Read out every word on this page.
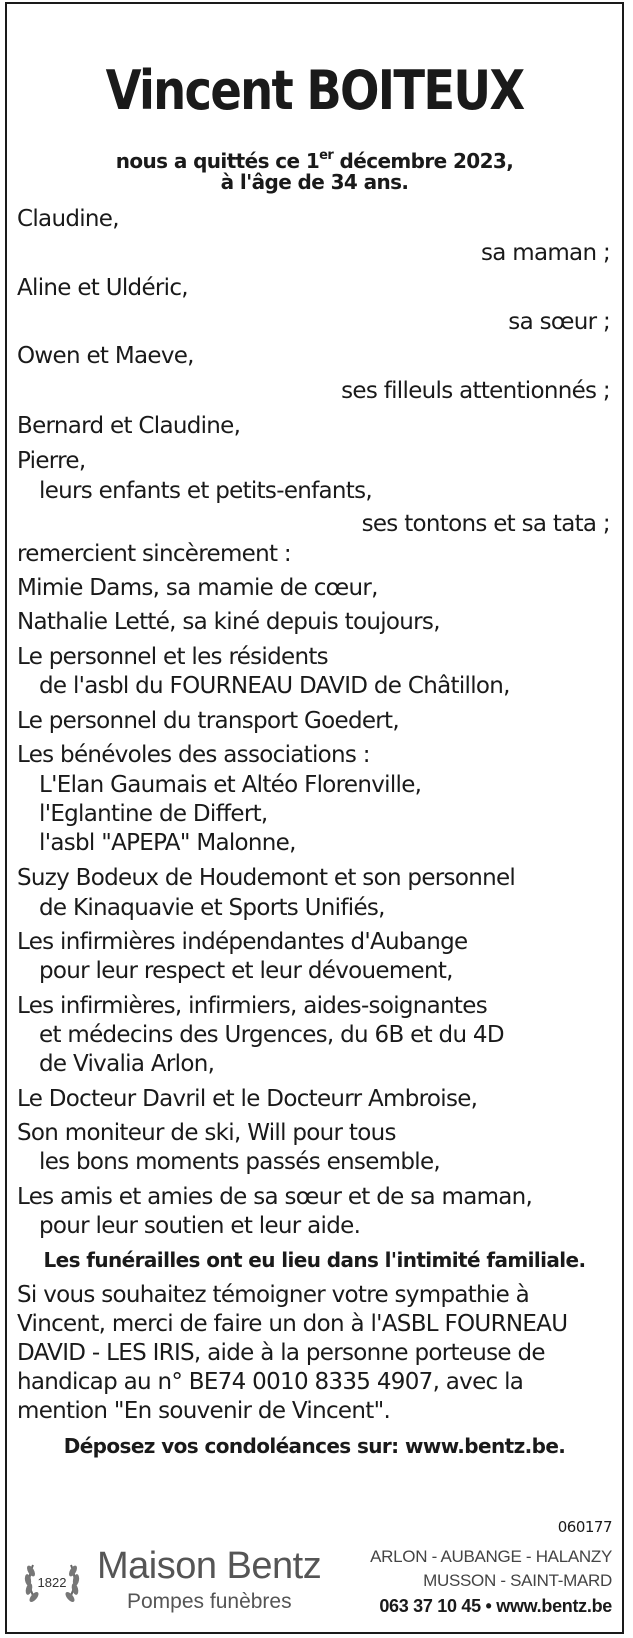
Vincent BOITEUX
nous a quittés ce 1er décembre 2023,
à l'âge de 34 ans.
Claudine,
sa maman ;
Aline et Uldéric,
sa sœur ;
Owen et Maeve,
ses filleuls attentionnés ;
Bernard et Claudine,
Pierre,
leurs enfants et petits-enfants,
ses tontons et sa tata ;
remercient sincèrement :
Mimie Dams, sa mamie de cœur,
Nathalie Letté, sa kiné depuis toujours,
Le personnel et les résidents
de l'asbl du FOURNEAU DAVID de Châtillon,
Le personnel du transport Goedert,
Les bénévoles des associations :
L'Elan Gaumais et Altéo Florenville,
l'Eglantine de Differt,
l'asbl "APEPA" Malonne,
Suzy Bodeux de Houdemont et son personnel
de Kinaquavie et Sports Unifiés,
Les infirmières indépendantes d'Aubange
pour leur respect et leur dévouement,
Les infirmières, infirmiers, aides-soignantes
et médecins des Urgences, du 6B et du 4D
de Vivalia Arlon,
Le Docteur Davril et le Docteurr Ambroise,
Son moniteur de ski, Will pour tous
les bons moments passés ensemble,
Les amis et amies de sa sœur et de sa maman,
pour leur soutien et leur aide.
Les funérailles ont eu lieu dans l'intimité familiale.
Si vous souhaitez témoigner votre sympathie à
Vincent, merci de faire un don à l'ASBL FOURNEAU
DAVID - LES IRIS, aide à la personne porteuse de
handicap au n° BE74 0010 8335 4907, avec la
mention "En souvenir de Vincent".
Déposez vos condoléances sur: www.bentz.be.
060177
1822 Maison Bentz
Pompes funèbres
ARLON - AUBANGE - HALANZY
MUSSON - SAINT-MARD
063 37 10 45 • www.bentz.be
